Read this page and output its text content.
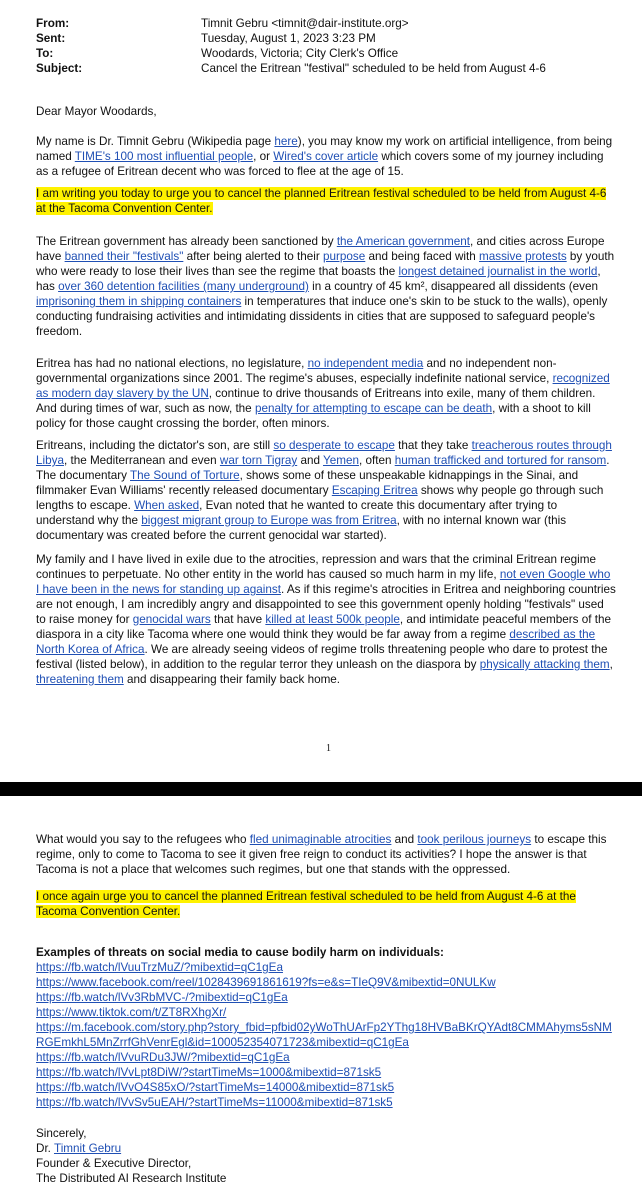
From:	Timnit Gebru <timnit@dair-institute.org>
Sent:	Tuesday, August 1, 2023 3:23 PM
To:	Woodards, Victoria; City Clerk's Office
Subject:	Cancel the Eritrean "festival" scheduled to be held from August 4-6

Dear Mayor Woodards,

My name is Dr. Timnit Gebru (Wikipedia page here), you may know my work on artificial intelligence, from being named TIME's 100 most influential people, or Wired's cover article which covers some of my journey including as a refugee of Eritrean decent who was forced to flee at the age of 15.

I am writing you today to urge you to cancel the planned Eritrean festival scheduled to be held from August 4-6 at the Tacoma Convention Center.

The Eritrean government has already been sanctioned by the American government, and cities across Europe have banned their "festivals" after being alerted to their purpose and being faced with massive protests by youth who were ready to lose their lives than see the regime that boasts the longest detained journalist in the world, has over 360 detention facilities (many underground) in a country of 45 km², disappeared all dissidents (even imprisoning them in shipping containers in temperatures that induce one's skin to be stuck to the walls), openly conducting fundraising activities and intimidating dissidents in cities that are supposed to safeguard people's freedom.

Eritrea has had no national elections, no legislature, no independent media and no independent non-governmental organizations since 2001. The regime's abuses, especially indefinite national service, recognized as modern day slavery by the UN, continue to drive thousands of Eritreans into exile, many of them children. And during times of war, such as now, the penalty for attempting to escape can be death, with a shoot to kill policy for those caught crossing the border, often minors.

Eritreans, including the dictator's son, are still so desperate to escape that they take treacherous routes through Libya, the Mediterranean and even war torn Tigray and Yemen, often human trafficked and tortured for ransom. The documentary The Sound of Torture, shows some of these unspeakable kidnappings in the Sinai, and filmmaker Evan Williams' recently released documentary Escaping Eritrea shows why people go through such lengths to escape. When asked, Evan noted that he wanted to create this documentary after trying to understand why the biggest migrant group to Europe was from Eritrea, with no internal known war (this documentary was created before the current genocidal war started).

My family and I have lived in exile due to the atrocities, repression and wars that the criminal Eritrean regime continues to perpetuate. No other entity in the world has caused so much harm in my life, not even Google who I have been in the news for standing up against. As if this regime's atrocities in Eritrea and neighboring countries are not enough, I am incredibly angry and disappointed to see this government openly holding "festivals" used to raise money for genocidal wars that have killed at least 500k people, and intimidate peaceful members of the diaspora in a city like Tacoma where one would think they would be far away from a regime described as the North Korea of Africa. We are already seeing videos of regime trolls threatening people who dare to protest the festival (listed below), in addition to the regular terror they unleash on the diaspora by physically attacking them, threatening them and disappearing their family back home.

1

What would you say to the refugees who fled unimaginable atrocities and took perilous journeys to escape this regime, only to come to Tacoma to see it given free reign to conduct its activities? I hope the answer is that Tacoma is not a place that welcomes such regimes, but one that stands with the oppressed.

I once again urge you to cancel the planned Eritrean festival scheduled to be held from August 4-6 at the Tacoma Convention Center.

Examples of threats on social media to cause bodily harm on individuals:
https://fb.watch/lVuuTrzMuZ/?mibextid=qC1gEa
https://www.facebook.com/reel/1028439691861619?fs=e&s=TIeQ9V&mibextid=0NULKw
https://fb.watch/lVv3RbMVC-/?mibextid=qC1gEa
https://www.tiktok.com/t/ZT8RXhgXr/
https://m.facebook.com/story.php?story_fbid=pfbid02yWoThUArFp2YThg18HVBaBKrQYAdt8CMMAhyms5sNMRGEmkhL5MnZrrfGhVenrEgl&id=100052354071723&mibextid=qC1gEa
https://fb.watch/lVvuRDu3JW/?mibextid=qC1gEa
https://fb.watch/lVvLpt8DiW/?startTimeMs=1000&mibextid=871sk5
https://fb.watch/lVvO4S85xO/?startTimeMs=14000&mibextid=871sk5
https://fb.watch/lVvSv5uEAH/?startTimeMs=11000&mibextid=871sk5
Sincerely,
Dr. Timnit Gebru
Founder & Executive Director,
The Distributed AI Research Institute
